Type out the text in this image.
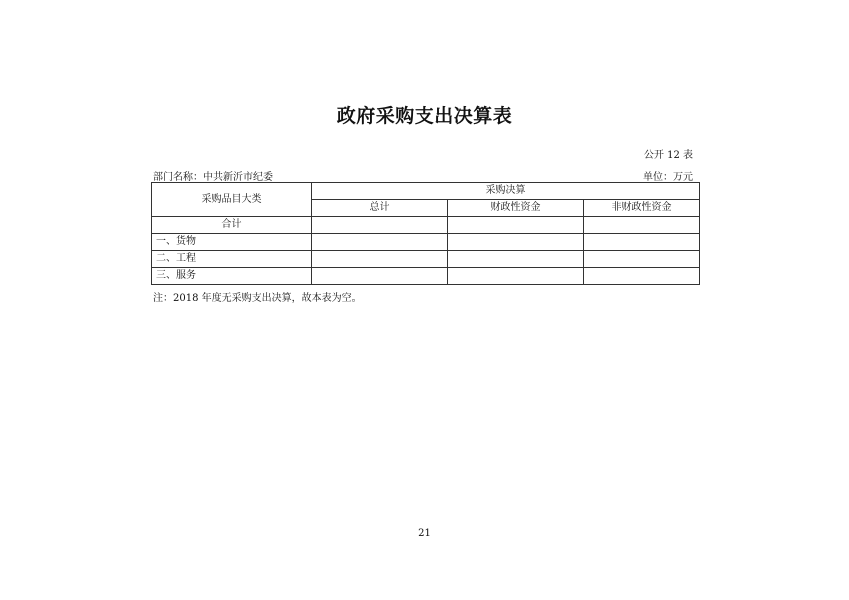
政府采购支出决算表
公开 12 表
部门名称：中共新沂市纪委	单位：万元
采购品目大类	采购决算		
	总计	财政性资金	非财政性资金
合计			
一、货物			
二、工程			
三、服务			
注：2018 年度无采购支出决算，故本表为空。
21
